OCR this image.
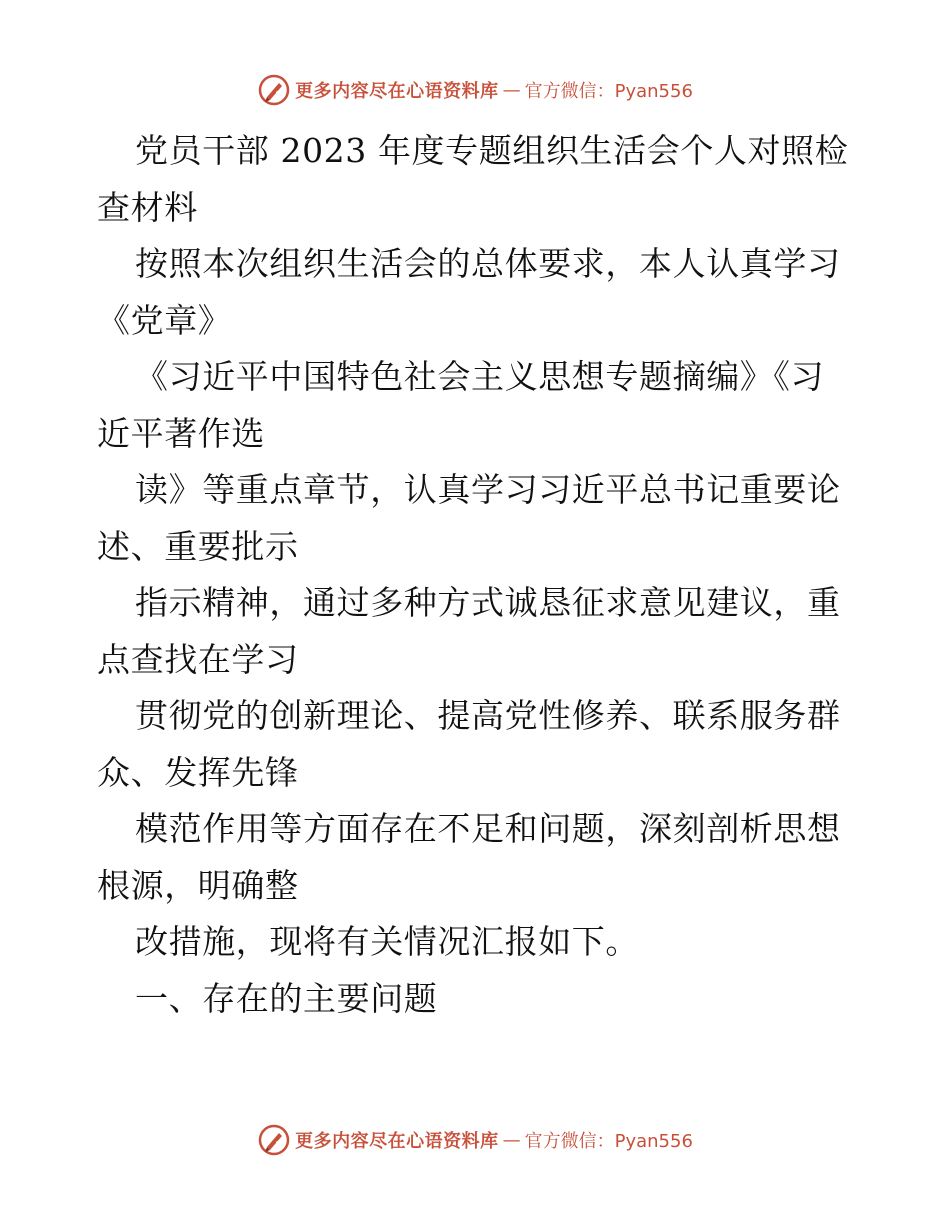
更多内容尽在心语资料库 — 官方微信：Pyan556
党员干部 2023 年度专题组织生活会个人对照检
查材料
按照本次组织生活会的总体要求，本人认真学习
《党章》
《习近平中国特色社会主义思想专题摘编》《习
近平著作选
读》等重点章节，认真学习习近平总书记重要论
述、重要批示
指示精神，通过多种方式诚恳征求意见建议，重
点查找在学习
贯彻党的创新理论、提高党性修养、联系服务群
众、发挥先锋
模范作用等方面存在不足和问题，深刻剖析思想
根源，明确整
改措施，现将有关情况汇报如下。
一、存在的主要问题
更多内容尽在心语资料库 — 官方微信：Pyan556
